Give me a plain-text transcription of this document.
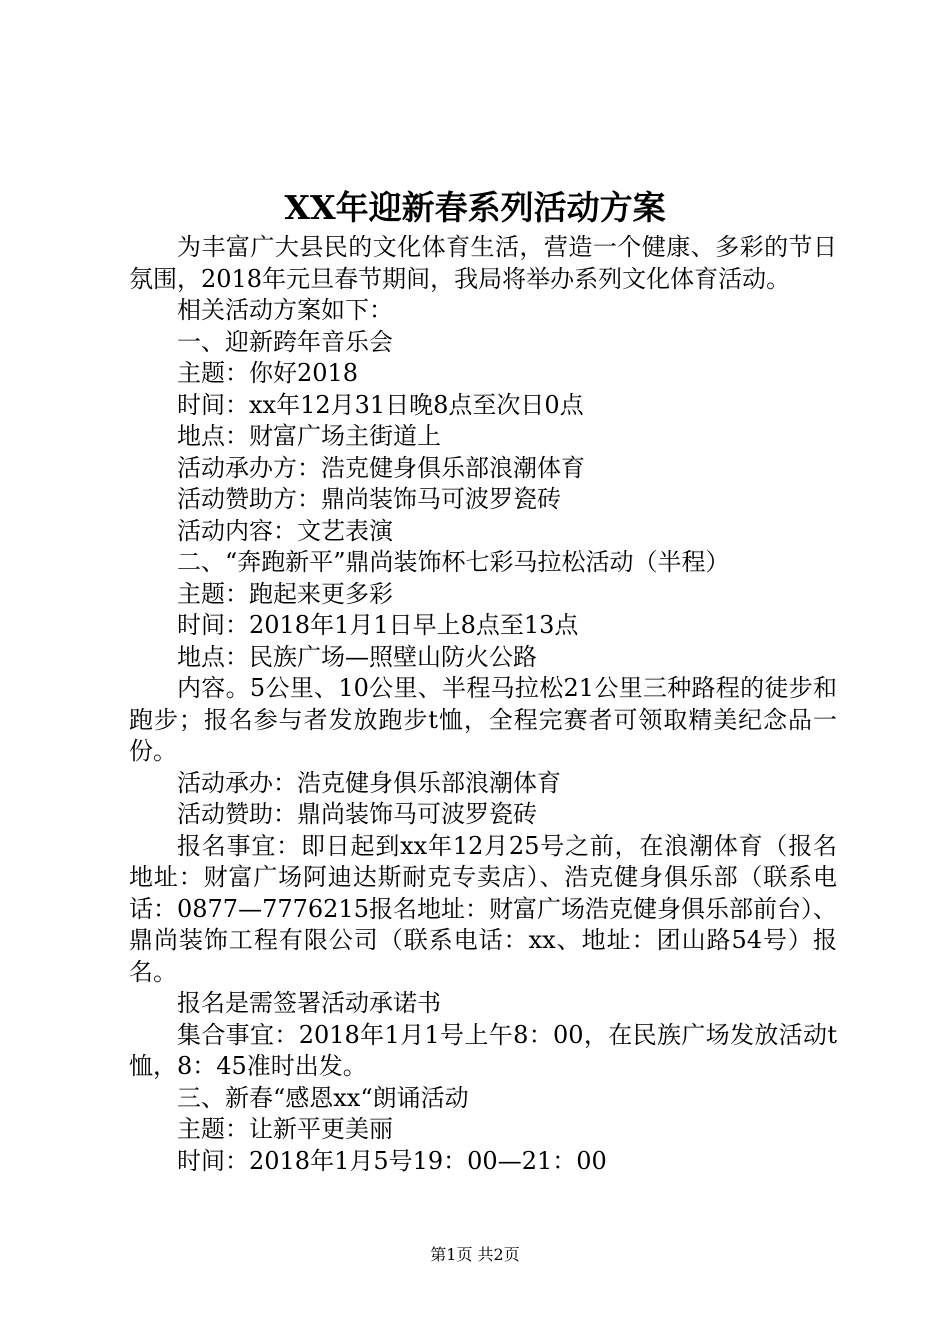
XX年迎新春系列活动方案

为丰富广大县民的文化体育生活，营造一个健康、多彩的节日氛围，2018年元旦春节期间，我局将举办系列文化体育活动。

相关活动方案如下：

一、迎新跨年音乐会

主题：你好2018

时间：xx年12月31日晚8点至次日0点

地点：财富广场主街道上

活动承办方：浩克健身俱乐部浪潮体育

活动赞助方：鼎尚装饰马可波罗瓷砖

活动内容：文艺表演

二、“奔跑新平”鼎尚装饰杯七彩马拉松活动（半程）

主题：跑起来更多彩

时间：2018年1月1日早上8点至13点

地点：民族广场—照壁山防火公路

内容。5公里、10公里、半程马拉松21公里三种路程的徒步和跑步；报名参与者发放跑步t恤，全程完赛者可领取精美纪念品一份。

活动承办：浩克健身俱乐部浪潮体育

活动赞助：鼎尚装饰马可波罗瓷砖

报名事宜：即日起到xx年12月25号之前，在浪潮体育（报名地址：财富广场阿迪达斯耐克专卖店）、浩克健身俱乐部（联系电话：0877—7776215报名地址：财富广场浩克健身俱乐部前台）、鼎尚装饰工程有限公司（联系电话：xx、地址：团山路54号）报名。

报名是需签署活动承诺书

集合事宜：2018年1月1号上午8：00，在民族广场发放活动t恤，8：45准时出发。

三、新春“感恩xx“朗诵活动

主题：让新平更美丽

时间：2018年1月5号19：00—21：00

第1页 共2页
